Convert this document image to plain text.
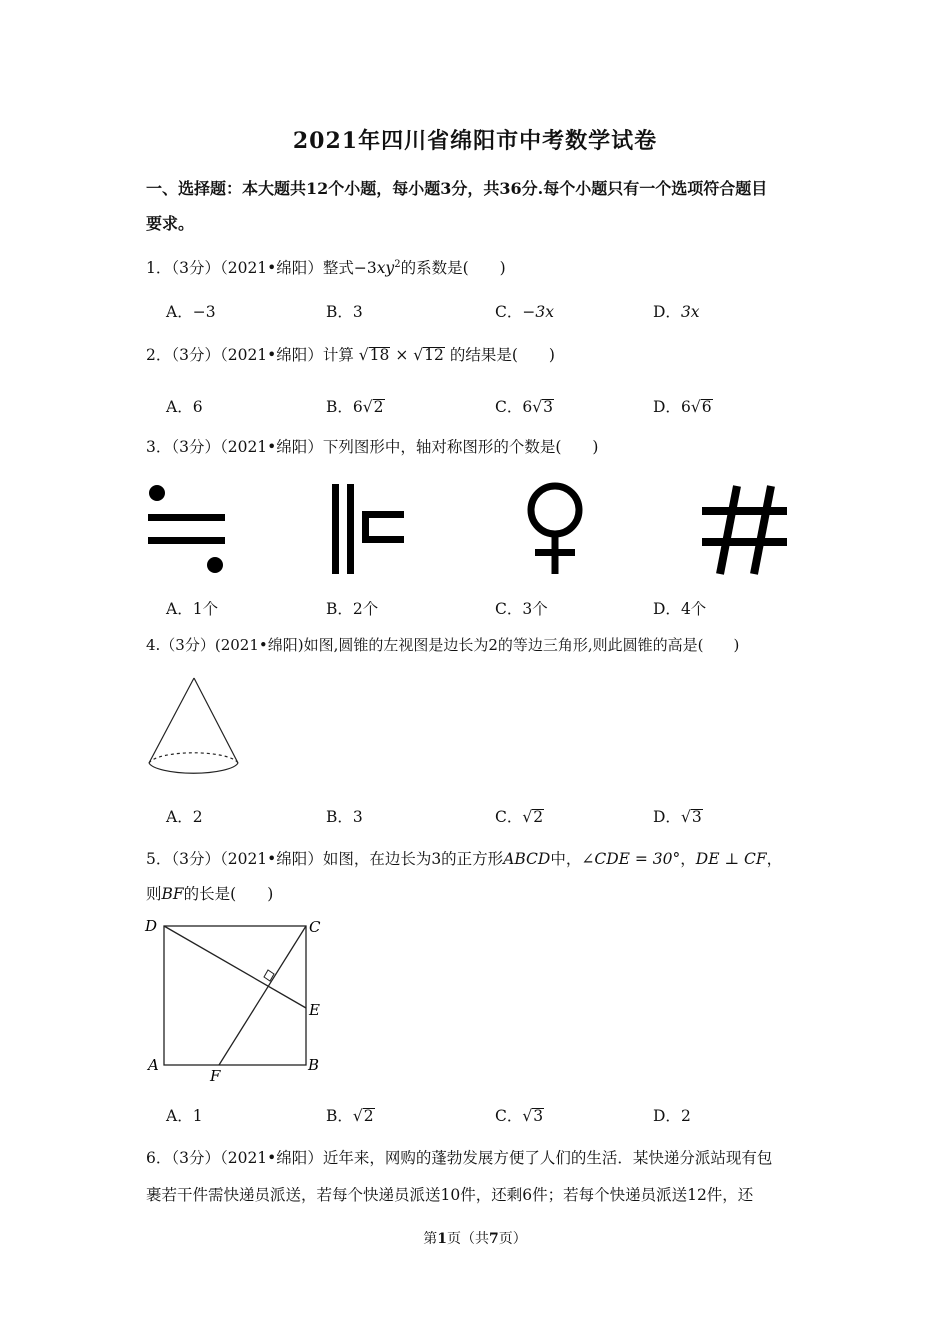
2021年四川省绵阳市中考数学试卷
一、选择题：本大题共12个小题，每小题3分，共36分.每个小题只有一个选项符合题目
要求。
1．（3分）（2021•绵阳）整式$-3xy^2$的系数是(　　)
A．−3	B．3	C．−3x	D．3x
2．（3分）（2021•绵阳）计算 √18 × √12 的结果是(　　)
A．6	B．6√2	C．6√3	D．6√6
3．（3分）（2021•绵阳）下列图形中，轴对称图形的个数是(　　)
A．1个	B．2个	C．3个	D．4个
4.（3分）(2021•绵阳)如图,圆锥的左视图是边长为2的等边三角形,则此圆锥的高是(　　)
A．2	B．3	C．√2	D．√3
5．（3分）（2021•绵阳）如图，在边长为3的正方形ABCD中，∠CDE = 30°，DE ⊥ CF，
则BF的长是(　　)
D	C
E
A
F
B
A．1	B．√2	C．√3	D．2
6．（3分）（2021•绵阳）近年来，网购的蓬勃发展方便了人们的生活．某快递分派站现有包
裹若干件需快递员派送，若每个快递员派送10件，还剩6件；若每个快递员派送12件，还
第1页（共7页）
